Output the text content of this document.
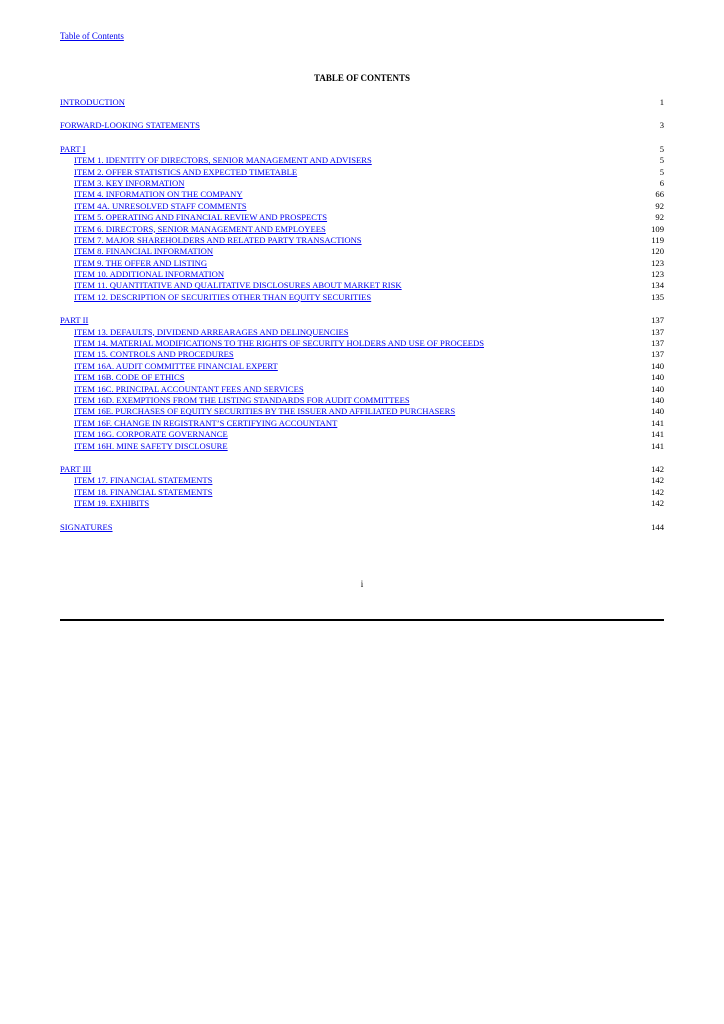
Table of Contents
TABLE OF CONTENTS
INTRODUCTION	1
FORWARD-LOOKING STATEMENTS	3
PART I	5
ITEM 1. IDENTITY OF DIRECTORS, SENIOR MANAGEMENT AND ADVISERS	5
ITEM 2. OFFER STATISTICS AND EXPECTED TIMETABLE	5
ITEM 3. KEY INFORMATION	6
ITEM 4. INFORMATION ON THE COMPANY	66
ITEM 4A. UNRESOLVED STAFF COMMENTS	92
ITEM 5. OPERATING AND FINANCIAL REVIEW AND PROSPECTS	92
ITEM 6. DIRECTORS, SENIOR MANAGEMENT AND EMPLOYEES	109
ITEM 7. MAJOR SHAREHOLDERS AND RELATED PARTY TRANSACTIONS	119
ITEM 8. FINANCIAL INFORMATION	120
ITEM 9. THE OFFER AND LISTING	123
ITEM 10. ADDITIONAL INFORMATION	123
ITEM 11. QUANTITATIVE AND QUALITATIVE DISCLOSURES ABOUT MARKET RISK	134
ITEM 12. DESCRIPTION OF SECURITIES OTHER THAN EQUITY SECURITIES	135
PART II	137
ITEM 13. DEFAULTS, DIVIDEND ARREARAGES AND DELINQUENCIES	137
ITEM 14. MATERIAL MODIFICATIONS TO THE RIGHTS OF SECURITY HOLDERS AND USE OF PROCEEDS	137
ITEM 15. CONTROLS AND PROCEDURES	137
ITEM 16A. AUDIT COMMITTEE FINANCIAL EXPERT	140
ITEM 16B. CODE OF ETHICS	140
ITEM 16C. PRINCIPAL ACCOUNTANT FEES AND SERVICES	140
ITEM 16D. EXEMPTIONS FROM THE LISTING STANDARDS FOR AUDIT COMMITTEES	140
ITEM 16E. PURCHASES OF EQUITY SECURITIES BY THE ISSUER AND AFFILIATED PURCHASERS	140
ITEM 16F. CHANGE IN REGISTRANT’S CERTIFYING ACCOUNTANT	141
ITEM 16G. CORPORATE GOVERNANCE	141
ITEM 16H. MINE SAFETY DISCLOSURE	141
PART III	142
ITEM 17. FINANCIAL STATEMENTS	142
ITEM 18. FINANCIAL STATEMENTS	142
ITEM 19. EXHIBITS	142
SIGNATURES	144
i
